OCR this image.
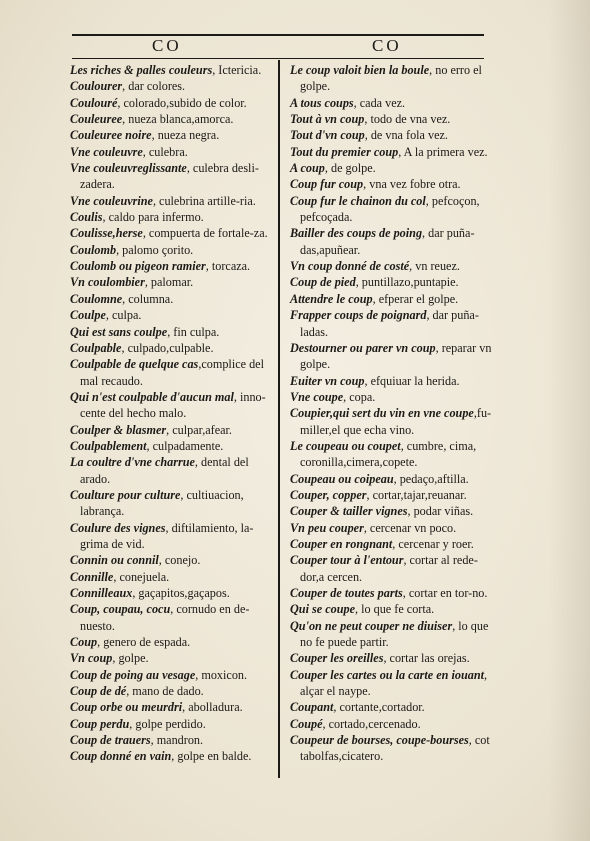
CO	CO

Les riches & palles couleurs, Ictericia.

Coulourer, dar colores.

Coulouré, colorado,subido de color.

Couleuree, nueza blanca,amorca.

Couleuree noire, nueza negra.

Vne couleuvre, culebra.

Vne couleuvreglissante, culebra desli-zadera.

Vne couleuvrine, culebrina artille-ria.

Coulis, caldo para infermo.

Coulisse,herse, compuerta de fortale-za.

Coulomb, palomo çorito.

Coulomb ou pigeon ramier, torcaza.

Vn coulombier, palomar.

Coulomne, columna.

Coulpe, culpa.

Qui est sans coulpe, fin culpa.

Coulpable, culpado,culpable.

Coulpable de quelque cas,complice del mal recaudo.

Qui n'est coulpable d'aucun mal, inno-cente del hecho malo.

Coulper & blasmer, culpar,afear.

Coulpablement, culpadamente.

La coultre d'vne charrue, dental del arado.

Coulture pour culture, cultiuacion, labrança.

Coulure des vignes, diftilamiento, la-grima de vid.

Connin ou connil, conejo.

Connille, conejuela.

Connilleaux, gaçapitos,gaçapos.

Coup, coupau, cocu, cornudo en de-nuesto.

Coup, genero de espada.

Vn coup, golpe.

Coup de poing au vesage, moxicon.

Coup de dé, mano de dado.

Coup orbe ou meurdri, abolladura.

Coup perdu, golpe perdido.

Coup de trauers, mandron.

Coup donné en vain, golpe en balde.

Le coup valoit bien la boule, no erro el golpe.

A tous coups, cada vez.

Tout à vn coup, todo de vna vez.

Tout d'vn coup, de vna fola vez.

Tout du premier coup, A la primera vez.

A coup, de golpe.

Coup fur coup, vna vez fobre otra.

Coup fur le chainon du col, pefcoçon, pefcoçada.

Bailler des coups de poing, dar puña-das,apuñear.

Vn coup donné de costé, vn reuez.

Coup de pied, puntillazo,puntapie.

Attendre le coup, efperar el golpe.

Frapper coups de poignard, dar puña-ladas.

Destourner ou parer vn coup, reparar vn golpe.

Euiter vn coup, efquiuar la herida.

Vne coupe, copa.

Coupier,qui sert du vin en vne coupe,fu-miller,el que echa vino.

Le coupeau ou coupet, cumbre, cima, coronilla,cimera,copete.

Coupeau ou coipeau, pedaço,aftilla.

Couper, copper, cortar,tajar,reuanar.

Couper & tailler vignes, podar viñas.

Vn peu couper, cercenar vn poco.

Couper en rongnant, cercenar y roer.

Couper tour à l'entour, cortar al rede-dor,a cercen.

Couper de toutes parts, cortar en tor-no.

Qui se coupe, lo que fe corta.

Qu'on ne peut couper ne diuiser, lo que no fe puede partir.

Couper les oreilles, cortar las orejas.

Couper les cartes ou la carte en iouant, alçar el naype.

Coupant, cortante,cortador.

Coupé, cortado,cercenado.

Coupeur de bourses, coupe-bourses, cot tabolfas,cicatero.
